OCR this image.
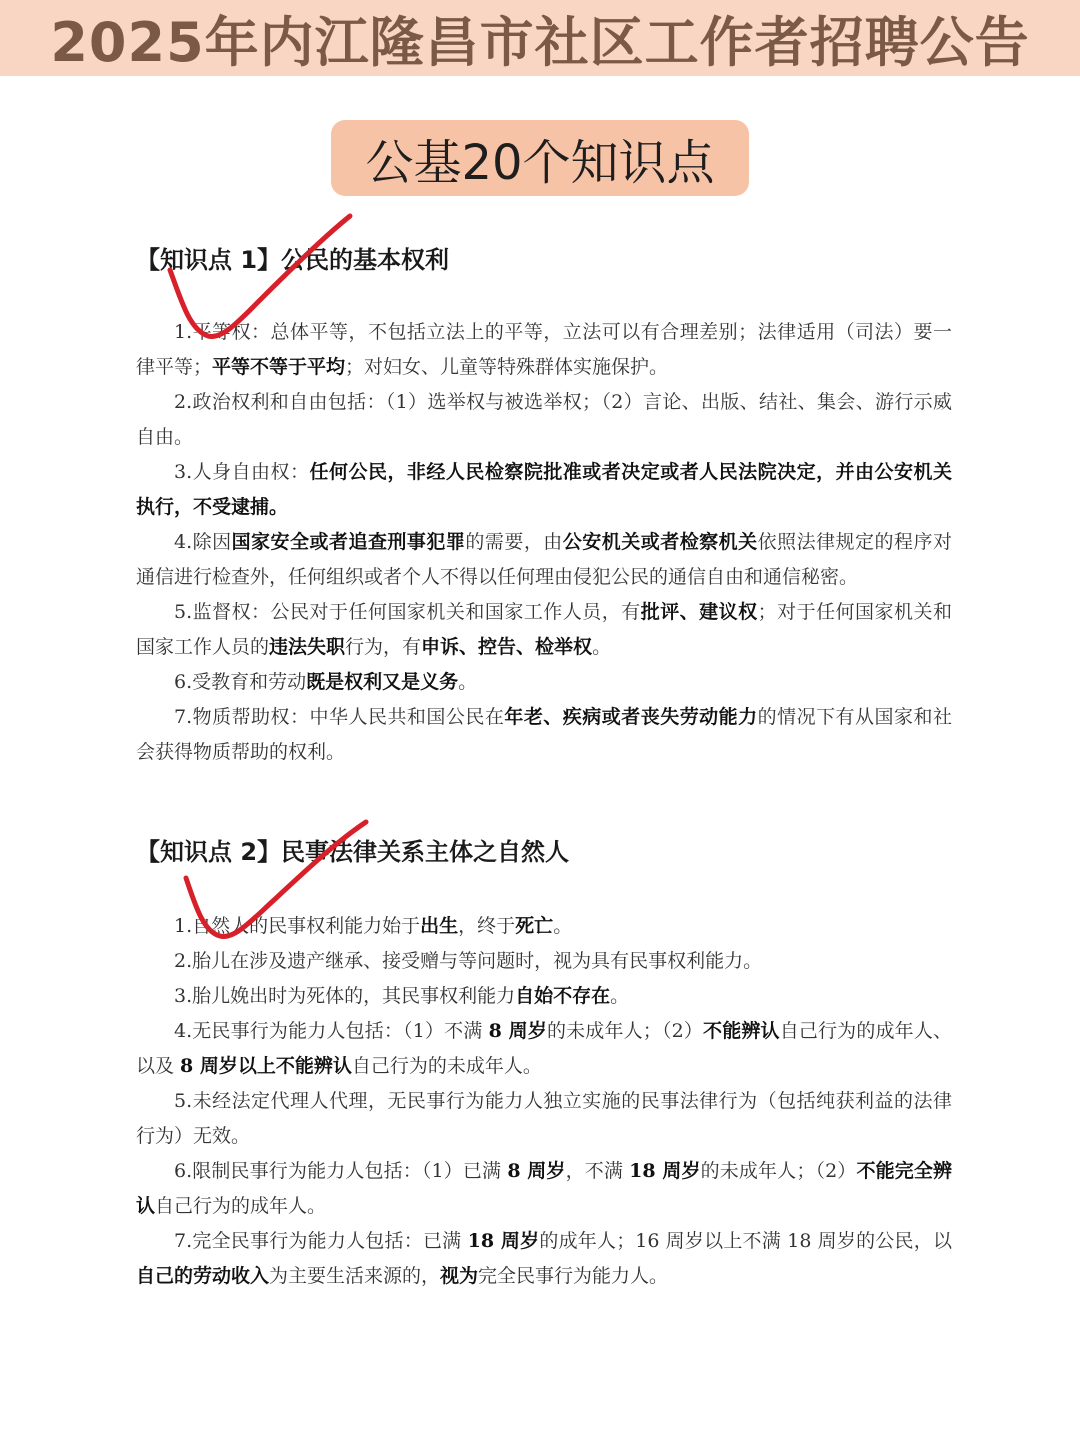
2025年内江隆昌市社区工作者招聘公告
公基20个知识点
【知识点 1】公民的基本权利

1.平等权：总体平等，不包括立法上的平等，立法可以有合理差别；法律适用（司法）要一律平等；平等不等于平均；对妇女、儿童等特殊群体实施保护。

2.政治权利和自由包括：（1）选举权与被选举权；（2）言论、出版、结社、集会、游行示威自由。

3.人身自由权：任何公民，非经人民检察院批准或者决定或者人民法院决定，并由公安机关执行，不受逮捕。

4.除因国家安全或者追查刑事犯罪的需要，由公安机关或者检察机关依照法律规定的程序对通信进行检查外，任何组织或者个人不得以任何理由侵犯公民的通信自由和通信秘密。

5.监督权：公民对于任何国家机关和国家工作人员，有批评、建议权；对于任何国家机关和国家工作人员的违法失职行为，有申诉、控告、检举权。

6.受教育和劳动既是权利又是义务。

7.物质帮助权：中华人民共和国公民在年老、疾病或者丧失劳动能力的情况下有从国家和社会获得物质帮助的权利。

【知识点 2】民事法律关系主体之自然人

1.自然人的民事权利能力始于出生，终于死亡。

2.胎儿在涉及遗产继承、接受赠与等问题时，视为具有民事权利能力。

3.胎儿娩出时为死体的，其民事权利能力自始不存在。

4.无民事行为能力人包括：（1）不满 8 周岁的未成年人；（2）不能辨认自己行为的成年人、以及 8 周岁以上不能辨认自己行为的未成年人。

5.未经法定代理人代理，无民事行为能力人独立实施的民事法律行为（包括纯获利益的法律行为）无效。

6.限制民事行为能力人包括：（1）已满 8 周岁，不满 18 周岁的未成年人；（2）不能完全辨认自己行为的成年人。

7.完全民事行为能力人包括：已满 18 周岁的成年人；16 周岁以上不满 18 周岁的公民，以自己的劳动收入为主要生活来源的，视为完全民事行为能力人。
